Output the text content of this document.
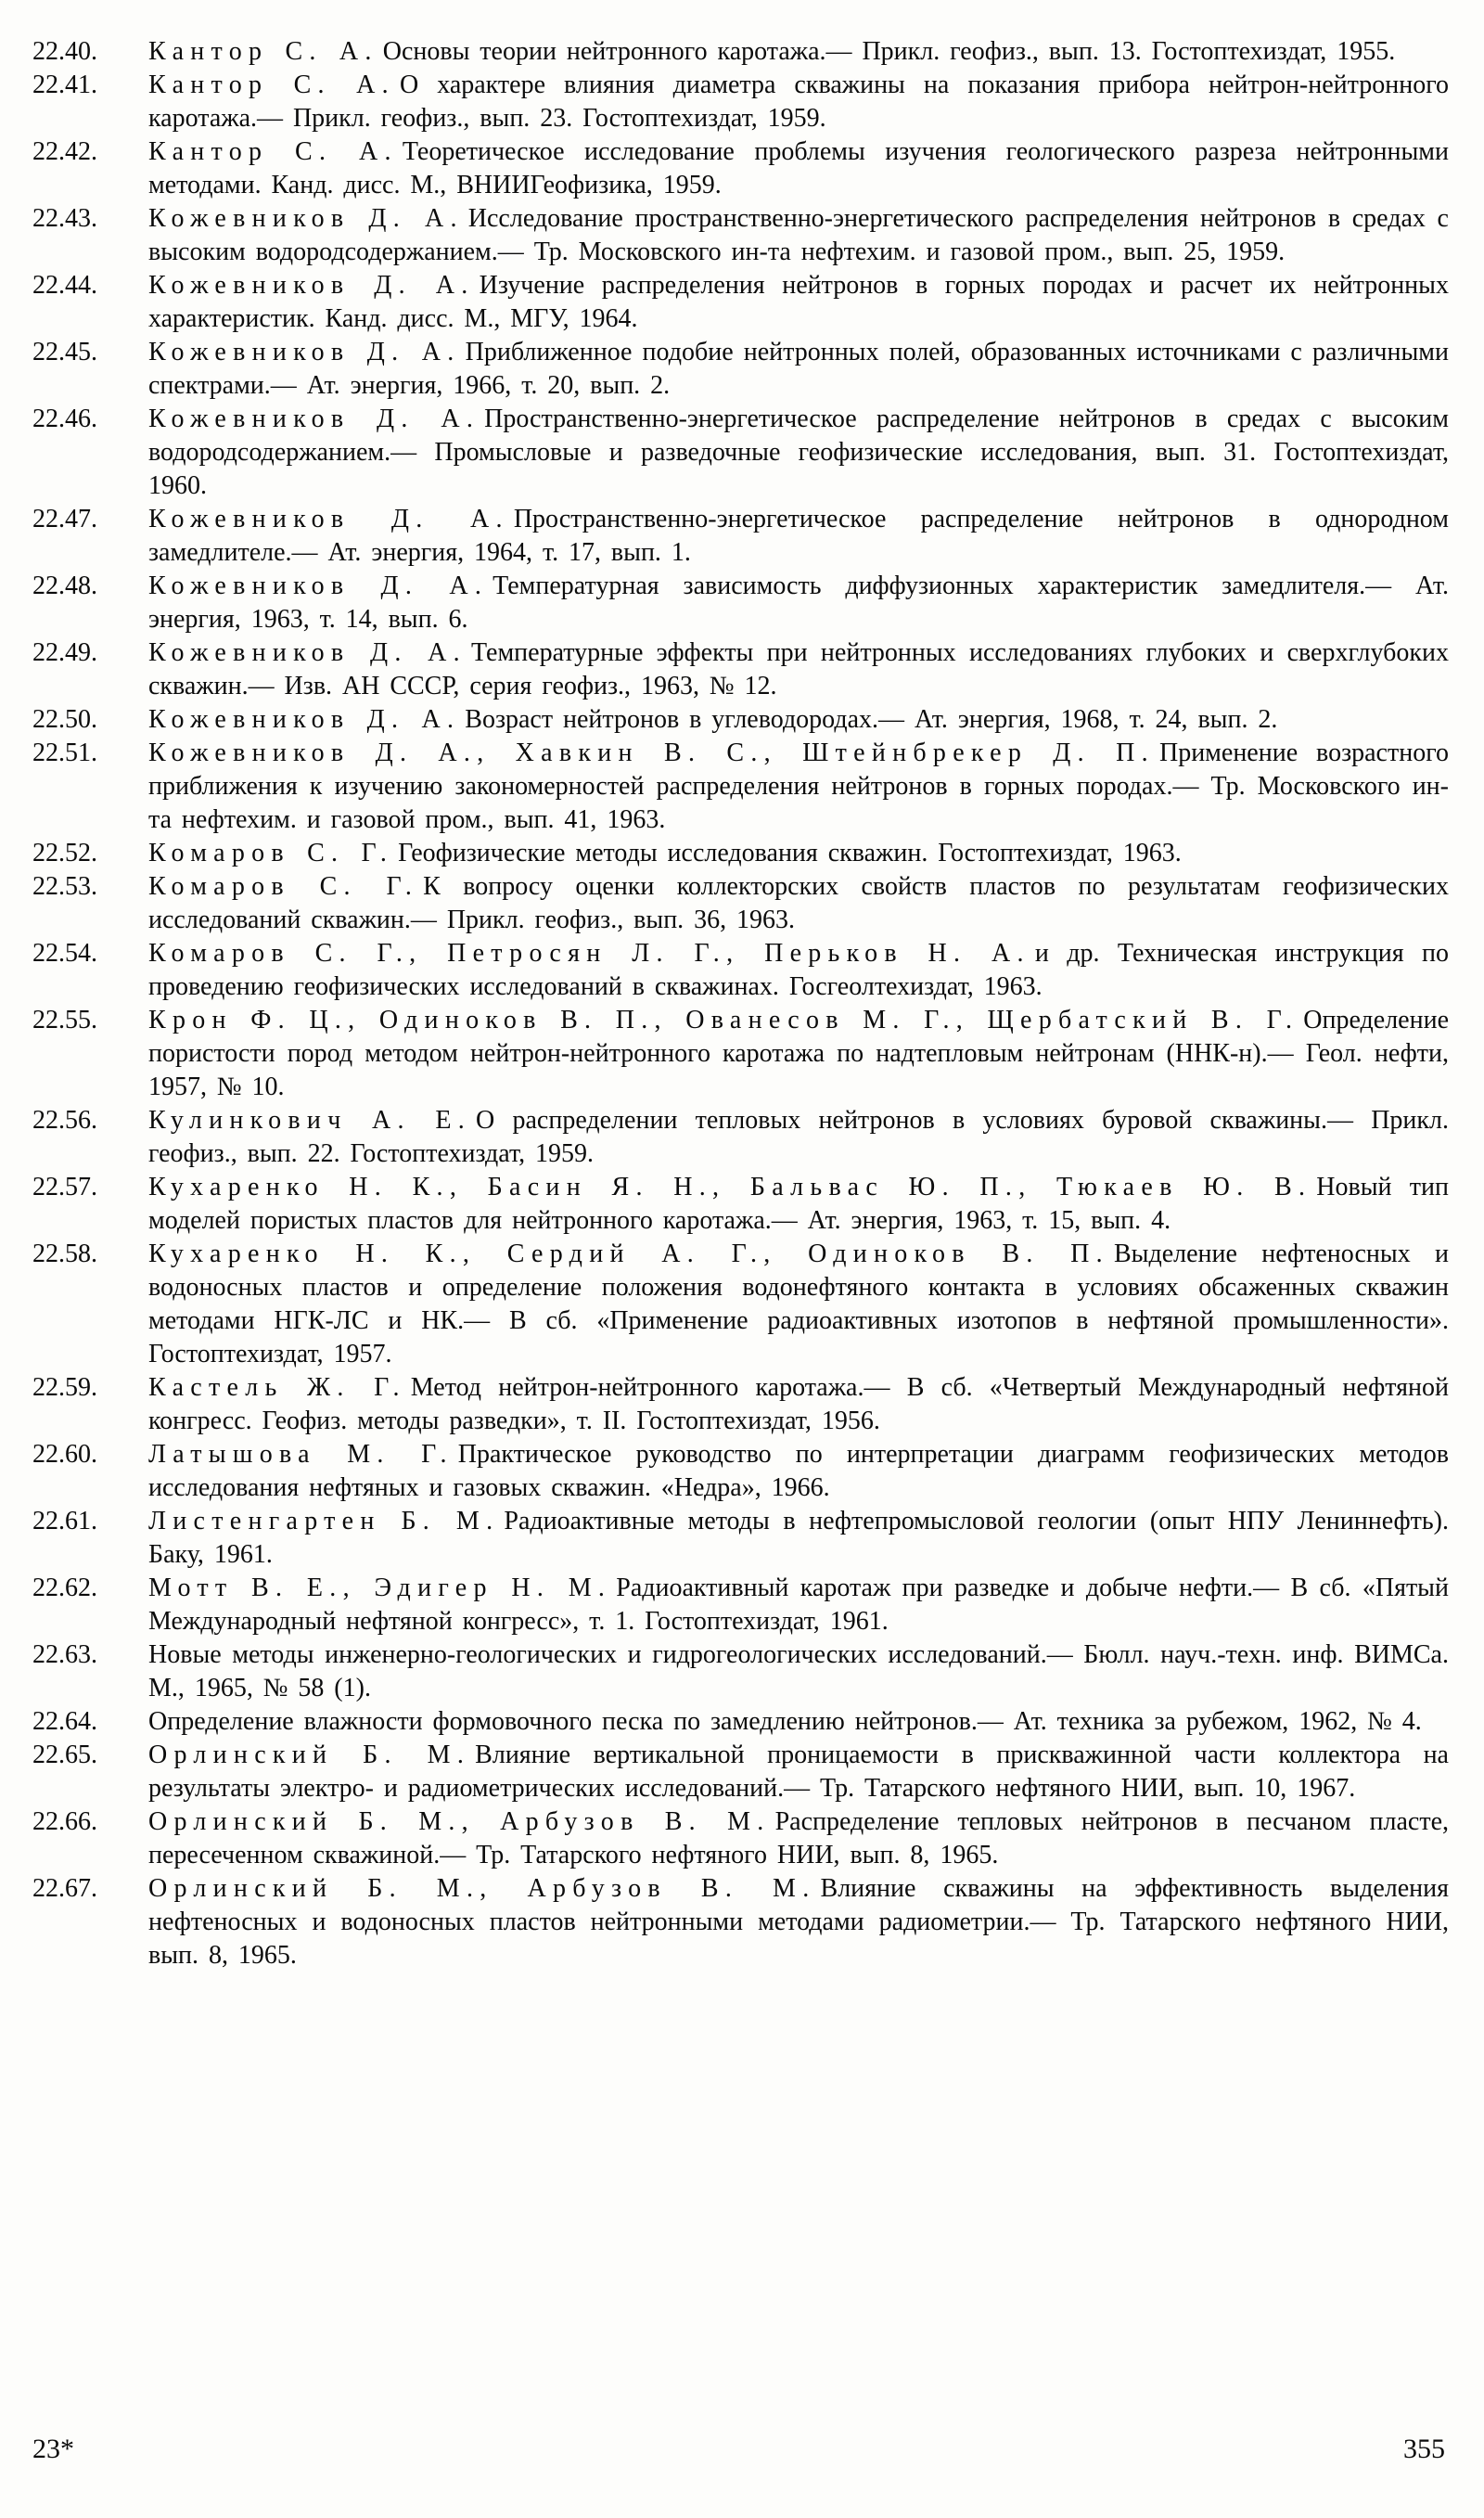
22.40. Кантор С. А. Основы теории нейтронного каротажа.— Прикл. геофиз., вып. 13. Гостоптехиздат, 1955.

22.41. Кантор С. А. О характере влияния диаметра скважины на показания прибора нейтрон-нейтронного каротажа.— Прикл. геофиз., вып. 23. Гостоптехиздат, 1959.

22.42. Кантор С. А. Теоретическое исследование проблемы изучения геологического разреза нейтронными методами. Канд. дисс. М., ВНИИГеофизика, 1959.

22.43. Кожевников Д. А. Исследование пространственно-энергетического распределения нейтронов в средах с высоким водородсодержанием.— Тр. Московского ин-та нефтехим. и газовой пром., вып. 25, 1959.

22.44. Кожевников Д. А. Изучение распределения нейтронов в горных породах и расчет их нейтронных характеристик. Канд. дисс. М., МГУ, 1964.

22.45. Кожевников Д. А. Приближенное подобие нейтронных полей, образованных источниками с различными спектрами.— Ат. энергия, 1966, т. 20, вып. 2.

22.46. Кожевников Д. А. Пространственно-энергетическое распределение нейтронов в средах с высоким водородсодержанием.— Промысловые и разведочные геофизические исследования, вып. 31. Гостоптехиздат, 1960.

22.47. Кожевников Д. А. Пространственно-энергетическое распределение нейтронов в однородном замедлителе.— Ат. энергия, 1964, т. 17, вып. 1.

22.48. Кожевников Д. А. Температурная зависимость диффузионных характеристик замедлителя.— Ат. энергия, 1963, т. 14, вып. 6.

22.49. Кожевников Д. А. Температурные эффекты при нейтронных исследованиях глубоких и сверхглубоких скважин.— Изв. АН СССР, серия геофиз., 1963, № 12.

22.50. Кожевников Д. А. Возраст нейтронов в углеводородах.— Ат. энергия, 1968, т. 24, вып. 2.

22.51. Кожевников Д. А., Хавкин В. С., Штейнбрекер Д. П. Применение возрастного приближения к изучению закономерностей распределения нейтронов в горных породах.— Тр. Московского ин-та нефтехим. и газовой пром., вып. 41, 1963.

22.52. Комаров С. Г. Геофизические методы исследования скважин. Гостоптехиздат, 1963.

22.53. Комаров С. Г. К вопросу оценки коллекторских свойств пластов по результатам геофизических исследований скважин.— Прикл. геофиз., вып. 36, 1963.

22.54. Комаров С. Г., Петросян Л. Г., Перьков Н. А. и др. Техническая инструкция по проведению геофизических исследований в скважинах. Госгеолтехиздат, 1963.

22.55. Крон Ф. Ц., Одиноков В. П., Ованесов М. Г., Щербатский В. Г. Определение пористости пород методом нейтрон-нейтронного каротажа по надтепловым нейтронам (ННК-н).— Геол. нефти, 1957, № 10.

22.56. Кулинкович А. Е. О распределении тепловых нейтронов в условиях буровой скважины.— Прикл. геофиз., вып. 22. Гостоптехиздат, 1959.

22.57. Кухаренко Н. К., Басин Я. Н., Бальвас Ю. П., Тюкаев Ю. В. Новый тип моделей пористых пластов для нейтронного каротажа.— Ат. энергия, 1963, т. 15, вып. 4.

22.58. Кухаренко Н. К., Сердий А. Г., Одиноков В. П. Выделение нефтеносных и водоносных пластов и определение положения водонефтяного контакта в условиях обсаженных скважин методами НГК-ЛС и НК.— В сб. «Применение радиоактивных изотопов в нефтяной промышленности». Гостоптехиздат, 1957.

22.59. Кастель Ж. Г. Метод нейтрон-нейтронного каротажа.— В сб. «Четвертый Международный нефтяной конгресс. Геофиз. методы разведки», т. II. Гостоптехиздат, 1956.

22.60. Латышова М. Г. Практическое руководство по интерпретации диаграмм геофизических методов исследования нефтяных и газовых скважин. «Недра», 1966.

22.61. Листенгартен Б. М. Радиоактивные методы в нефтепромысловой геологии (опыт НПУ Лениннефть). Баку, 1961.

22.62. Мотт В. Е., Эдигер Н. М. Радиоактивный каротаж при разведке и добыче нефти.— В сб. «Пятый Международный нефтяной конгресс», т. 1. Гостоптехиздат, 1961.

22.63. Новые методы инженерно-геологических и гидрогеологических исследований.— Бюлл. науч.-техн. инф. ВИМСа. М., 1965, № 58 (1).

22.64. Определение влажности формовочного песка по замедлению нейтронов.— Ат. техника за рубежом, 1962, № 4.

22.65. Орлинский Б. М. Влияние вертикальной проницаемости в прискважинной части коллектора на результаты электро- и радиометрических исследований.— Тр. Татарского нефтяного НИИ, вып. 10, 1967.

22.66. Орлинский Б. М., Арбузов В. М. Распределение тепловых нейтронов в песчаном пласте, пересеченном скважиной.— Тр. Татарского нефтяного НИИ, вып. 8, 1965.

22.67. Орлинский Б. М., Арбузов В. М. Влияние скважины на эффективность выделения нефтеносных и водоносных пластов нейтронными методами радиометрии.— Тр. Татарского нефтяного НИИ, вып. 8, 1965.

23*	355
